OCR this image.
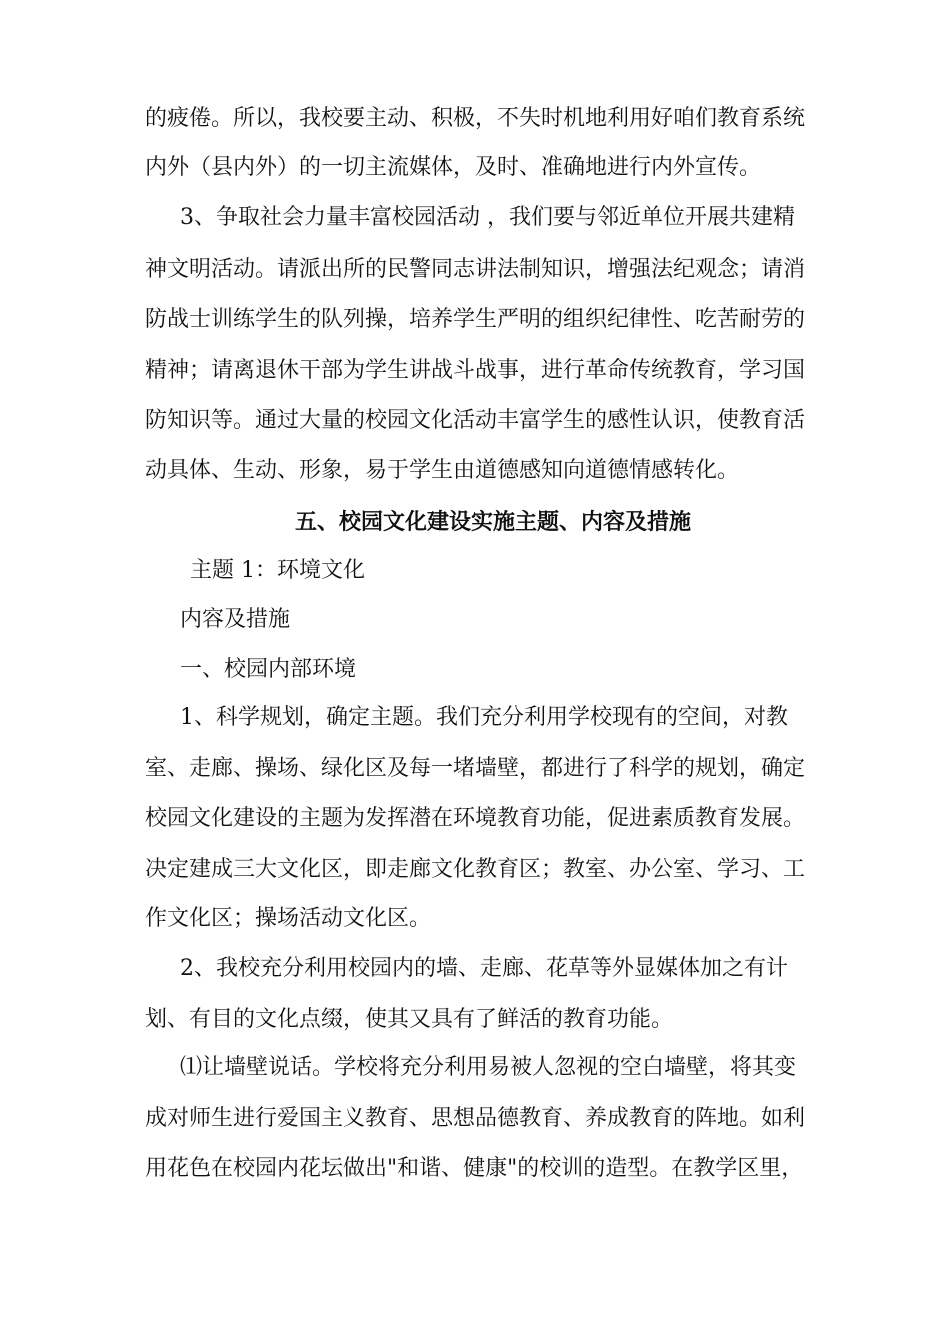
的疲倦。所以，我校要主动、积极，不失时机地利用好咱们教育系统
内外（县内外）的一切主流媒体，及时、准确地进行内外宣传。
3、争取社会力量丰富校园活动 ，我们要与邻近单位开展共建精
神文明活动。请派出所的民警同志讲法制知识，增强法纪观念；请消
防战士训练学生的队列操，培养学生严明的组织纪律性、吃苦耐劳的
精神；请离退休干部为学生讲战斗战事，进行革命传统教育，学习国
防知识等。通过大量的校园文化活动丰富学生的感性认识，使教育活
动具体、生动、形象，易于学生由道德感知向道德情感转化。
五、校园文化建设实施主题、内容及措施
主题 1：环境文化
内容及措施
一、校园内部环境
1、科学规划，确定主题。我们充分利用学校现有的空间，对教
室、走廊、操场、绿化区及每一堵墙壁，都进行了科学的规划，确定
校园文化建设的主题为发挥潜在环境教育功能，促进素质教育发展。
决定建成三大文化区，即走廊文化教育区；教室、办公室、学习、工
作文化区；操场活动文化区。
2、我校充分利用校园内的墙、走廊、花草等外显媒体加之有计
划、有目的文化点缀，使其又具有了鲜活的教育功能。
⑴让墙壁说话。学校将充分利用易被人忽视的空白墙壁，将其变
成对师生进行爱国主义教育、思想品德教育、养成教育的阵地。如利
用花色在校园内花坛做出"和谐、健康"的校训的造型。在教学区里，
